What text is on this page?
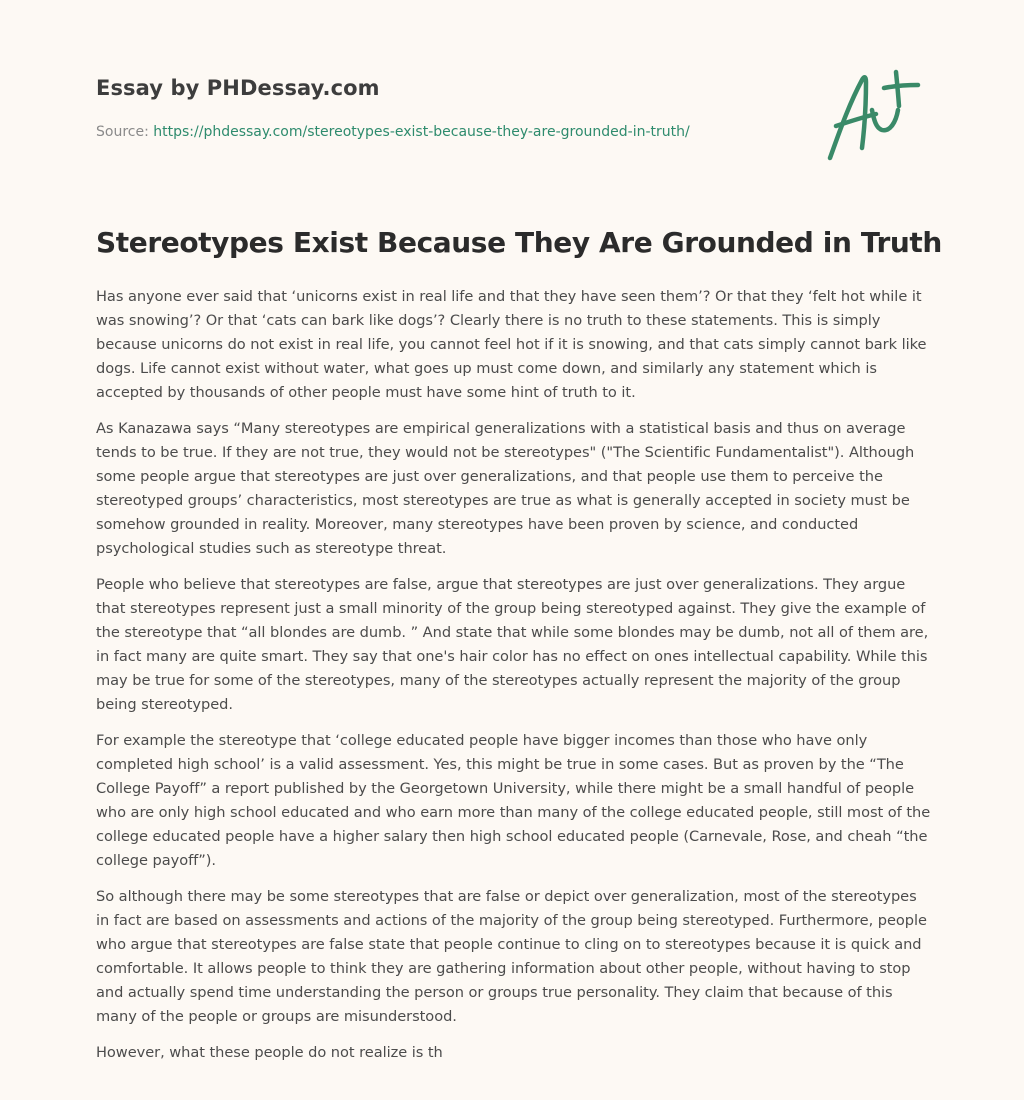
Essay by PHDessay.com
Source: https://phdessay.com/stereotypes-exist-because-they-are-grounded-in-truth/
Stereotypes Exist Because They Are Grounded in Truth

Has anyone ever said that ‘unicorns exist in real life and that they have seen them’? Or that they ‘felt hot while it was snowing’? Or that ‘cats can bark like dogs’? Clearly there is no truth to these statements. This is simply because unicorns do not exist in real life, you cannot feel hot if it is snowing, and that cats simply cannot bark like dogs. Life cannot exist without water, what goes up must come down, and similarly any statement which is accepted by thousands of other people must have some hint of truth to it.

As Kanazawa says “Many stereotypes are empirical generalizations with a statistical basis and thus on average tends to be true. If they are not true, they would not be stereotypes" ("The Scientific Fundamentalist"). Although some people argue that stereotypes are just over generalizations, and that people use them to perceive the stereotyped groups’ characteristics, most stereotypes are true as what is generally accepted in society must be somehow grounded in reality. Moreover, many stereotypes have been proven by science, and conducted psychological studies such as stereotype threat.

People who believe that stereotypes are false, argue that stereotypes are just over generalizations. They argue that stereotypes represent just a small minority of the group being stereotyped against. They give the example of the stereotype that “all blondes are dumb. ” And state that while some blondes may be dumb, not all of them are, in fact many are quite smart. They say that one's hair color has no effect on ones intellectual capability. While this may be true for some of the stereotypes, many of the stereotypes actually represent the majority of the group being stereotyped.

For example the stereotype that ‘college educated people have bigger incomes than those who have only completed high school’ is a valid assessment. Yes, this might be true in some cases. But as proven by the “The College Payoff” a report published by the Georgetown University, while there might be a small handful of people who are only high school educated and who earn more than many of the college educated people, still most of the college educated people have a higher salary then high school educated people (Carnevale, Rose, and cheah “the college payoff”).

So although there may be some stereotypes that are false or depict over generalization, most of the stereotypes in fact are based on assessments and actions of the majority of the group being stereotyped. Furthermore, people who argue that stereotypes are false state that people continue to cling on to stereotypes because it is quick and comfortable. It allows people to think they are gathering information about other people, without having to stop and actually spend time understanding the person or groups true personality. They claim that because of this many of the people or groups are misunderstood.

However, what these people do not realize is th
